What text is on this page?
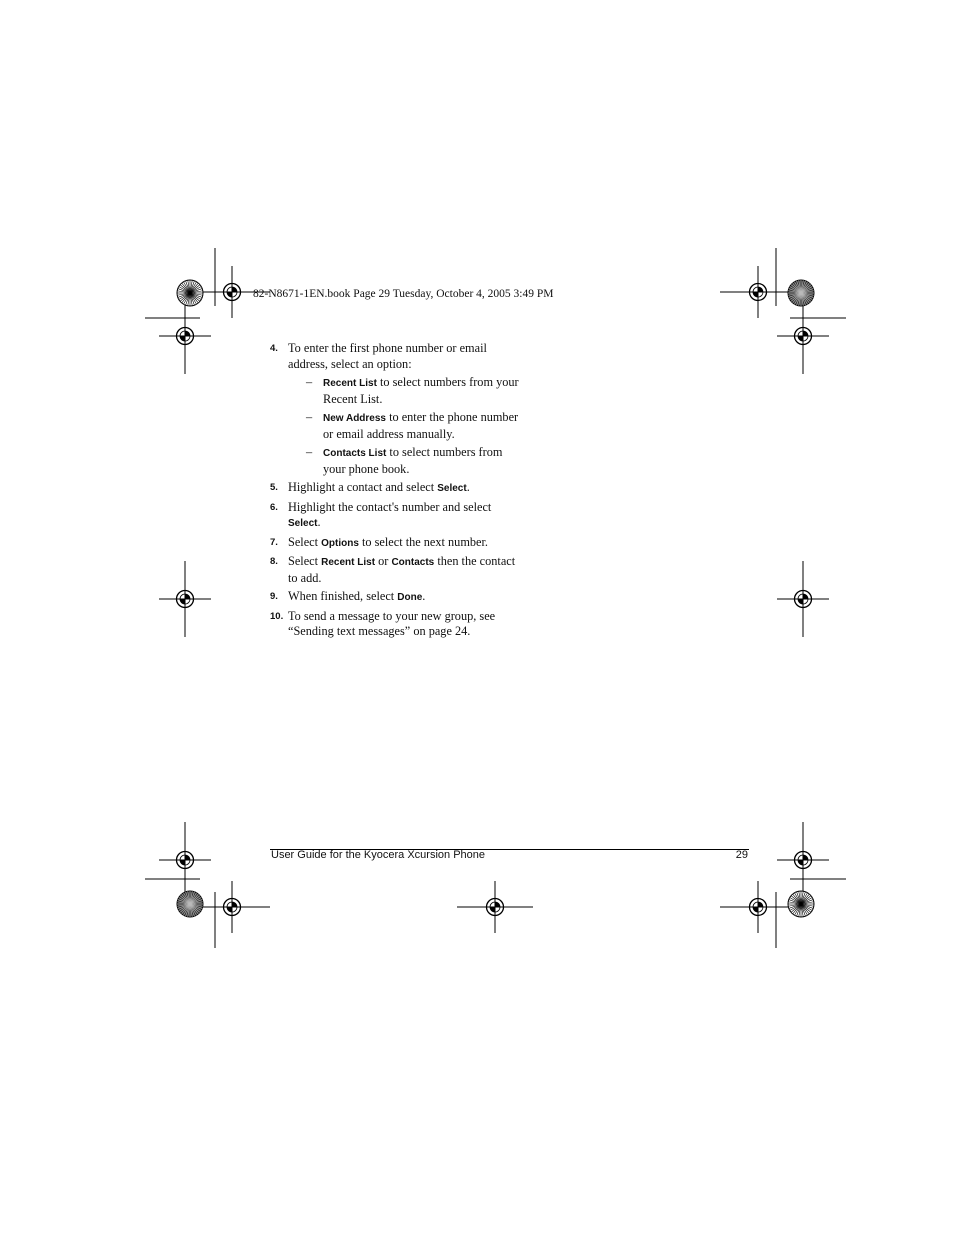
82-N8671-1EN.book Page 29 Tuesday, October 4, 2005 3:49 PM
4. To enter the first phone number or email address, select an option:
– Recent List to select numbers from your Recent List.
– New Address to enter the phone number or email address manually.
– Contacts List to select numbers from your phone book.
5. Highlight a contact and select Select.
6. Highlight the contact's number and select Select.
7. Select Options to select the next number.
8. Select Recent List or Contacts then the contact to add.
9. When finished, select Done.
10. To send a message to your new group, see “Sending text messages” on page 24.
User Guide for the Kyocera Xcursion Phone	29
